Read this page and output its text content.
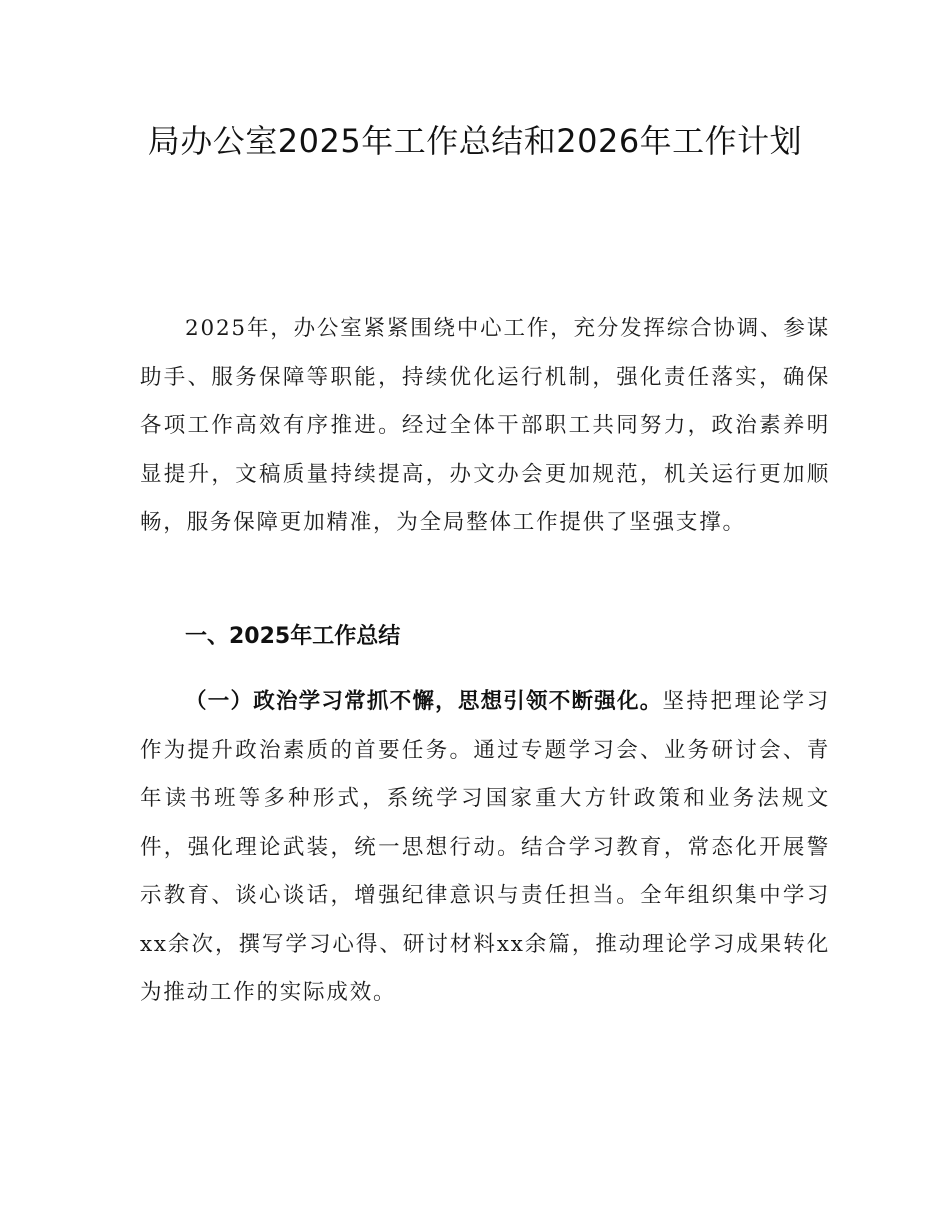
局办公室2025年工作总结和2026年工作计划

2025年，办公室紧紧围绕中心工作，充分发挥综合协调、参谋助手、服务保障等职能，持续优化运行机制，强化责任落实，确保各项工作高效有序推进。经过全体干部职工共同努力，政治素养明显提升，文稿质量持续提高，办文办会更加规范，机关运行更加顺畅，服务保障更加精准，为全局整体工作提供了坚强支撑。

一、2025年工作总结

（一）政治学习常抓不懈，思想引领不断强化。坚持把理论学习作为提升政治素质的首要任务。通过专题学习会、业务研讨会、青年读书班等多种形式，系统学习国家重大方针政策和业务法规文件，强化理论武装，统一思想行动。结合学习教育，常态化开展警示教育、谈心谈话，增强纪律意识与责任担当。全年组织集中学习xx余次，撰写学习心得、研讨材料xx余篇，推动理论学习成果转化为推动工作的实际成效。
